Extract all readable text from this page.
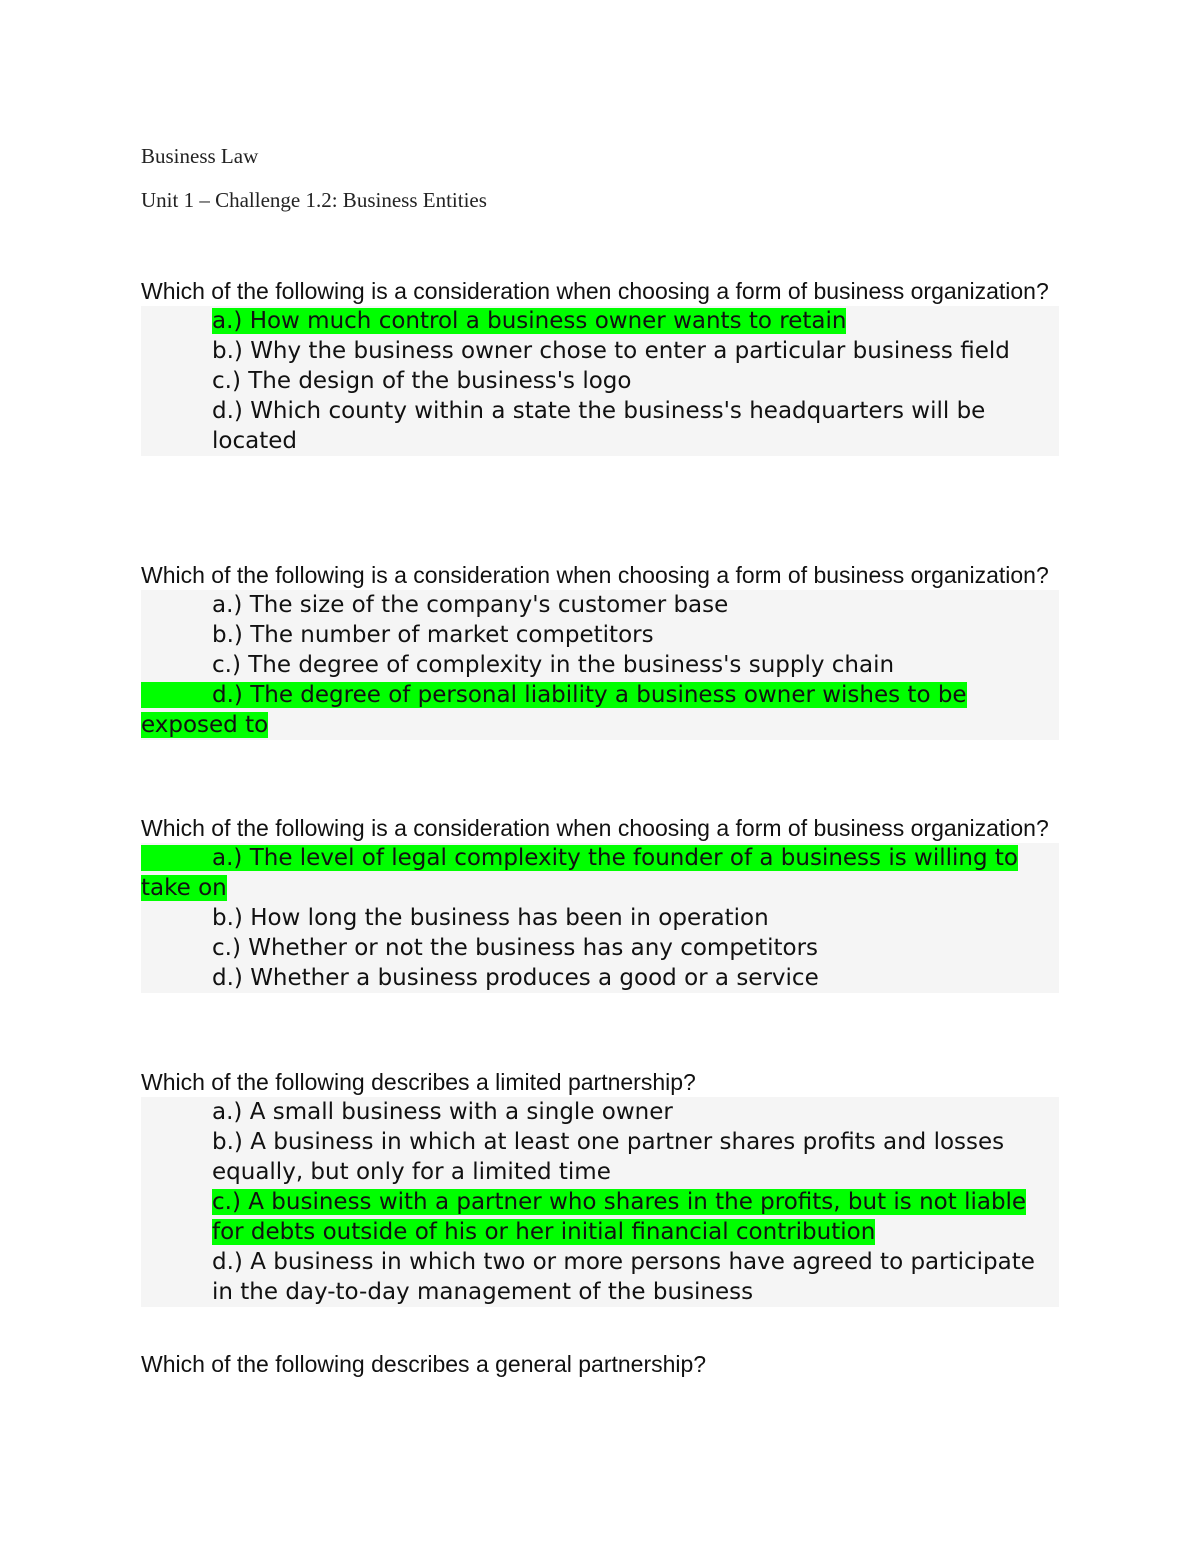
Business Law
Unit 1 – Challenge 1.2: Business Entities

Which of the following is a consideration when choosing a form of business organization?

a.) How much control a business owner wants to retain

b.) Why the business owner chose to enter a particular business field

c.) The design of the business's logo

d.) Which county within a state the business's headquarters will be located

Which of the following is a consideration when choosing a form of business organization?

a.) The size of the company's customer base

b.) The number of market competitors

c.) The degree of complexity in the business's supply chain

d.) The degree of personal liability a business owner wishes to be exposed to

Which of the following is a consideration when choosing a form of business organization?

a.) The level of legal complexity the founder of a business is willing to take on

b.) How long the business has been in operation

c.) Whether or not the business has any competitors

d.) Whether a business produces a good or a service

Which of the following describes a limited partnership?

a.) A small business with a single owner

b.) A business in which at least one partner shares profits and losses equally, but only for a limited time

c.) A business with a partner who shares in the profits, but is not liable for debts outside of his or her initial financial contribution

d.) A business in which two or more persons have agreed to participate in the day-to-day management of the business

Which of the following describes a general partnership?
